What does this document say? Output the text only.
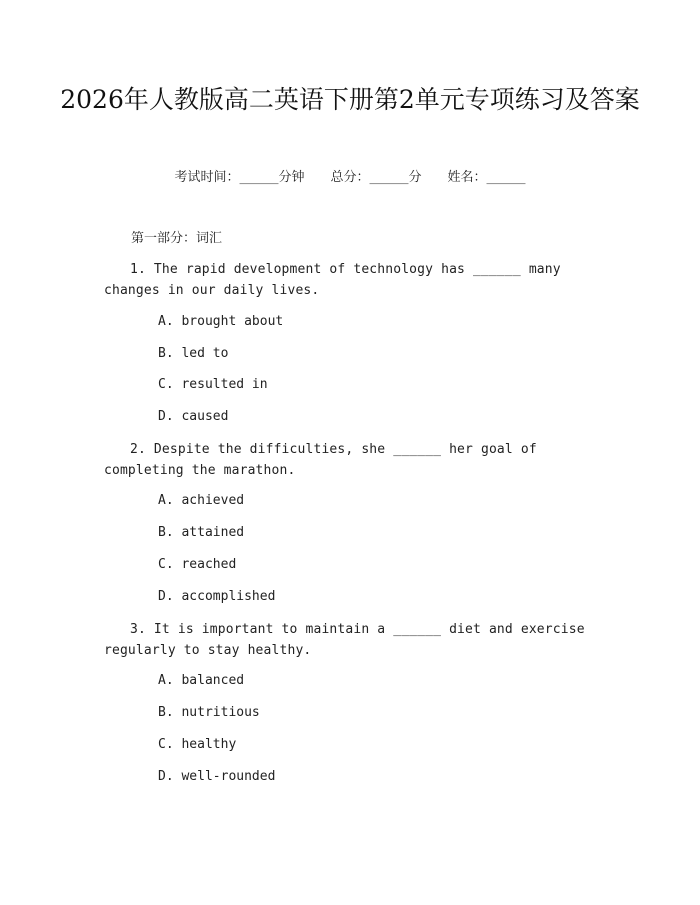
2026年人教版高二英语下册第2单元专项练习及答案
考试时间：______分钟 总分：______分 姓名：______
第一部分：词汇
1. The rapid development of technology has ______ many changes in our daily lives.
A. brought about
B. led to
C. resulted in
D. caused
2. Despite the difficulties, she ______ her goal of completing the marathon.
A. achieved
B. attained
C. reached
D. accomplished
3. It is important to maintain a ______ diet and exercise regularly to stay healthy.
A. balanced
B. nutritious
C. healthy
D. well-rounded
